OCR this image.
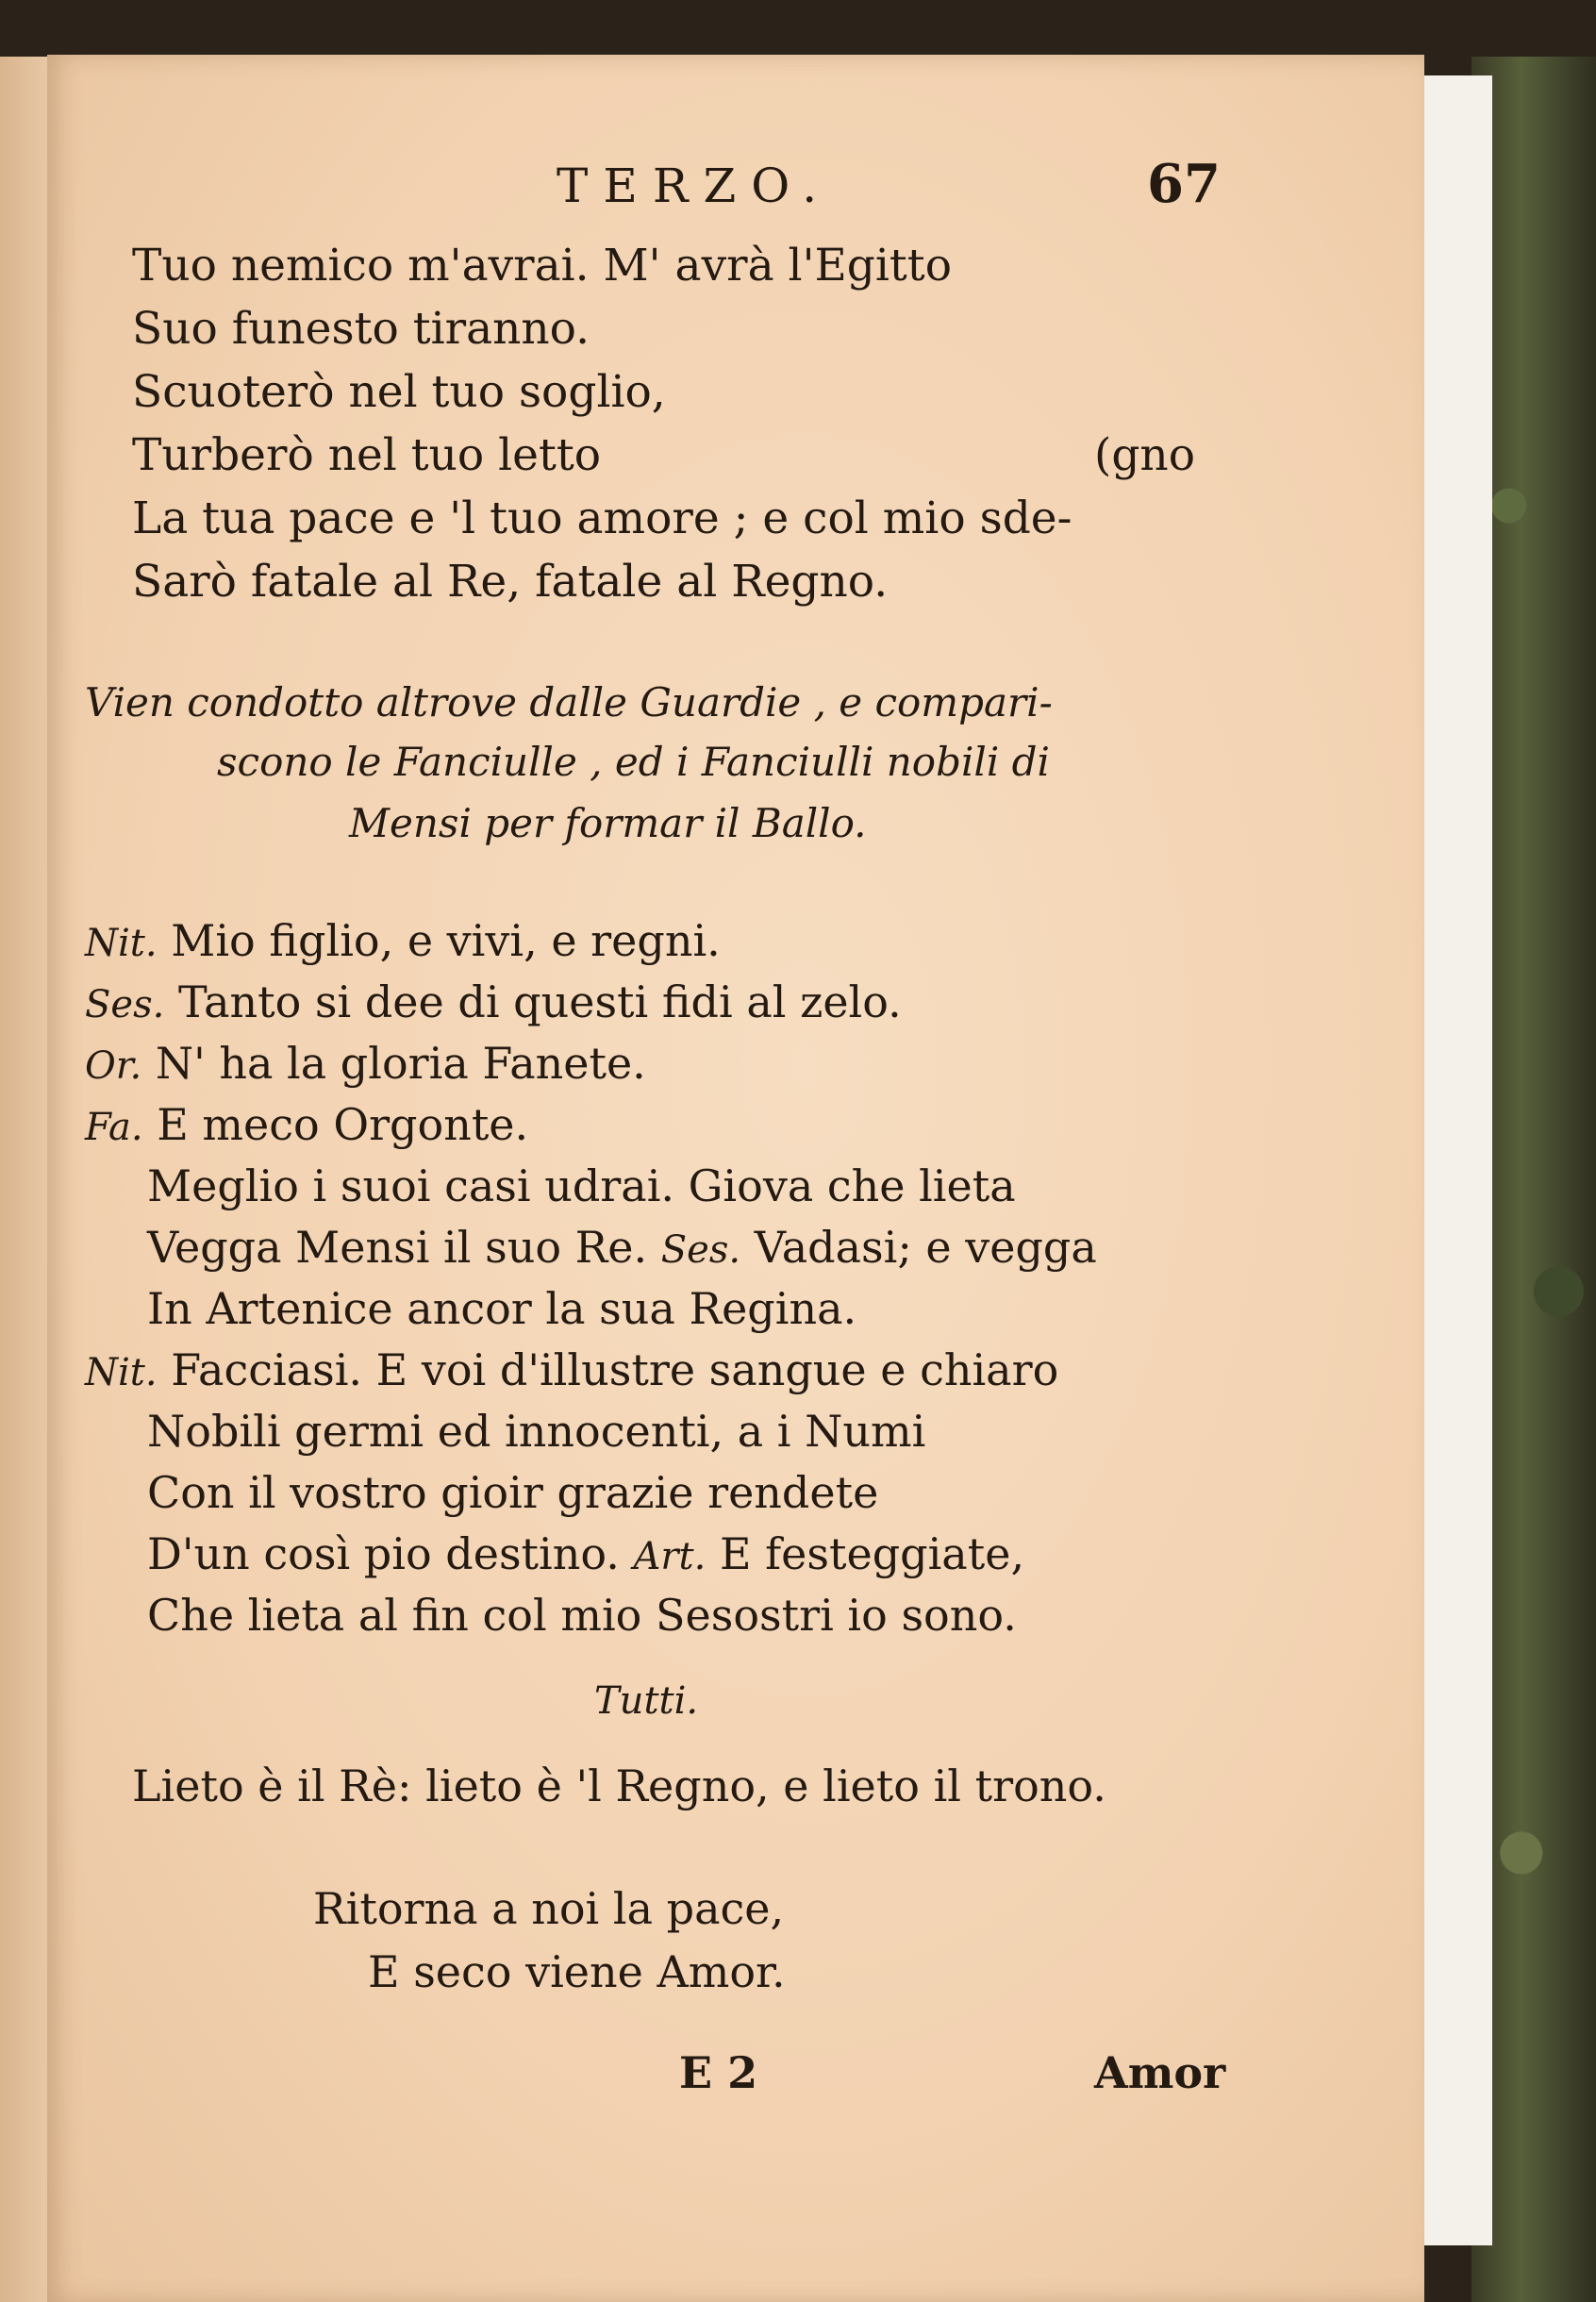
TERZO.	67
Tuo nemico m'avrai. M' avrà l'Egitto
Suo funesto tiranno.
Scuoterò nel tuo soglio,
Turberò nel tuo letto	(gno
La tua pace e 'l tuo amore ; e col mio sde-
Sarò fatale al Re, fatale al Regno.
Vien condotto altrove dalle Guardie , e compari-
scono le Fanciulle , ed i Fanciulli nobili di
Mensi per formar il Ballo.
Nit. Mio figlio, e vivi, e regni.
Ses. Tanto si dee di questi fidi al zelo.
Or. N' ha la gloria Fanete.
Fa. E meco Orgonte.
Meglio i suoi casi udrai. Giova che lieta
Vegga Mensi il suo Re. Ses. Vadasi; e vegga
In Artenice ancor la sua Regina.
Nit. Facciasi. E voi d'illustre sangue e chiaro
Nobili germi ed innocenti, a i Numi
Con il vostro gioir grazie rendete
D'un così pio destino. Art. E festeggiate,
Che lieta al fin col mio Sesostri io sono.
Tutti.
Lieto è il Rè: lieto è 'l Regno, e lieto il trono.
Ritorna a noi la pace,
E seco viene Amor.
E 2	Amor
